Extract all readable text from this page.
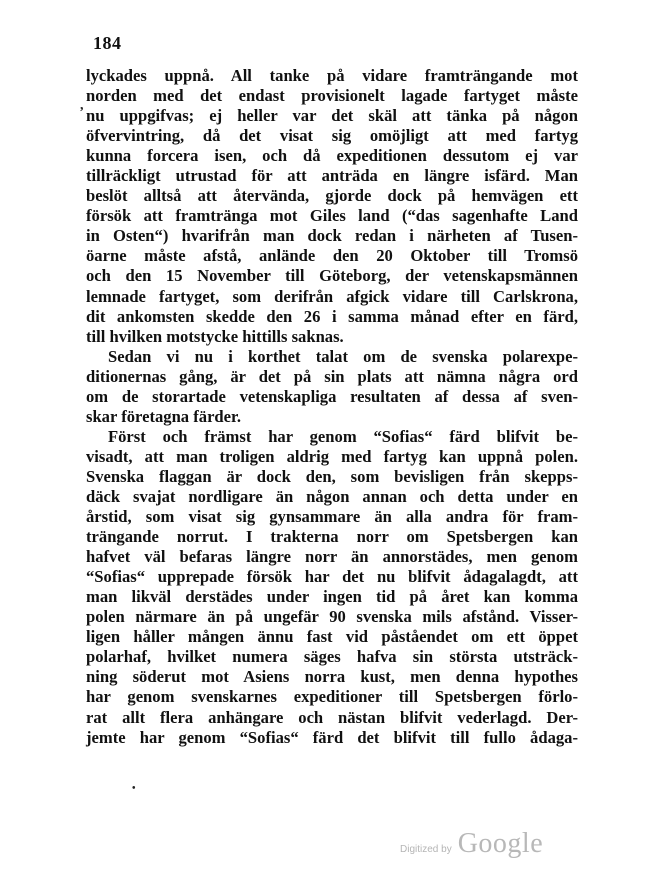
184
lyckades uppnå. All tanke på vidare framträngande mot
norden med det endast provisionelt lagade fartyget måste
nu uppgifvas; ej heller var det skäl att tänka på någon
öfvervintring, då det visat sig omöjligt att med fartyg
kunna forcera isen, och då expeditionen dessutom ej var
tillräckligt utrustad för att anträda en längre isfärd. Man
beslöt alltså att återvända, gjorde dock på hemvägen ett
försök att framtränga mot Giles land (“das sagenhafte Land
in Osten“) hvarifrån man dock redan i närheten af Tusen-
öarne måste afstå, anlände den 20 Oktober till Tromsö
och den 15 November till Göteborg, der vetenskapsmännen
lemnade fartyget, som derifrån afgick vidare till Carlskrona,
dit ankomsten skedde den 26 i samma månad efter en färd,
till hvilken motstycke hittills saknas.
Sedan vi nu i korthet talat om de svenska polarexpe-
ditionernas gång, är det på sin plats att nämna några ord
om de storartade vetenskapliga resultaten af dessa af sven-
skar företagna färder.
Först och främst har genom “Sofias“ färd blifvit be-
visadt, att man troligen aldrig med fartyg kan uppnå polen.
Svenska flaggan är dock den, som bevisligen från skepps-
däck svajat nordligare än någon annan och detta under en
årstid, som visat sig gynsammare än alla andra för fram-
trängande norrut. I trakterna norr om Spetsbergen kan
hafvet väl befaras längre norr än annorstädes, men genom
“Sofias“ upprepade försök har det nu blifvit ådagalagdt, att
man likväl derstädes under ingen tid på året kan komma
polen närmare än på ungefär 90 svenska mils afstånd. Visser-
ligen håller mången ännu fast vid påståendet om ett öppet
polarhaf, hvilket numera säges hafva sin största utsträck-
ning söderut mot Asiens norra kust, men denna hypothes
har genom svenskarnes expeditioner till Spetsbergen förlo-
rat allt flera anhängare och nästan blifvit vederlagd. Der-
jemte har genom “Sofias“ färd det blifvit till fullo ådaga-
,
•
Digitized by Google
